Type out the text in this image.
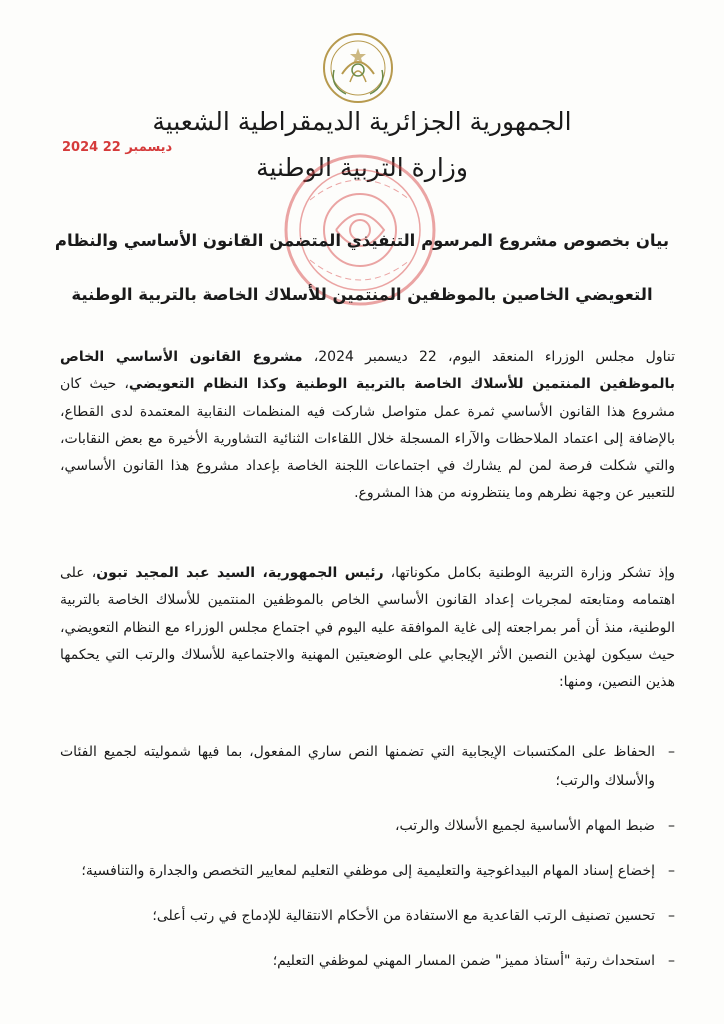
الجمهورية الجزائرية الديمقراطية الشعبية
وزارة التربية الوطنية
2024 ديسمبر 22
بيان بخصوص مشروع المرسوم التنفيذي المتضمن القانون الأساسي والنظام
التعويضي الخاصين بالموظفين المنتمين للأسلاك الخاصة بالتربية الوطنية
تناول مجلس الوزراء المنعقد اليوم، 22 ديسمبر 2024، مشروع القانون الأساسي الخاص بالموظفين المنتمين للأسلاك الخاصة بالتربية الوطنية وكذا النظام التعويضي، حيث كان مشروع هذا القانون الأساسي ثمرة عمل متواصل شاركت فيه المنظمات النقابية المعتمدة لدى القطاع، بالإضافة إلى اعتماد الملاحظات والآراء المسجلة خلال اللقاءات الثنائية التشاورية الأخيرة مع بعض النقابات، والتي شكلت فرصة لمن لم يشارك في اجتماعات اللجنة الخاصة بإعداد مشروع هذا القانون الأساسي، للتعبير عن وجهة نظرهم وما ينتظرونه من هذا المشروع.
وإذ تشكر وزارة التربية الوطنية بكامل مكوناتها، رئيس الجمهورية، السيد عبد المجيد تبون، على اهتمامه ومتابعته لمجريات إعداد القانون الأساسي الخاص بالموظفين المنتمين للأسلاك الخاصة بالتربية الوطنية، منذ أن أمر بمراجعته إلى غاية الموافقة عليه اليوم في اجتماع مجلس الوزراء مع النظام التعويضي، حيث سيكون لهذين النصين الأثر الإيجابي على الوضعيتين المهنية والاجتماعية للأسلاك والرتب التي يحكمها هذين النصين، ومنها:
– الحفاظ على المكتسبات الإيجابية التي تضمنها النص ساري المفعول، بما فيها شموليته لجميع الفئات والأسلاك والرتب؛
– ضبط المهام الأساسية لجميع الأسلاك والرتب،
– إخضاع إسناد المهام البيداغوجية والتعليمية إلى موظفي التعليم لمعايير التخصص والجدارة والتنافسية؛
– تحسين تصنيف الرتب القاعدية مع الاستفادة من الأحكام الانتقالية للإدماج في رتب أعلى؛
– استحداث رتبة "أستاذ مميز" ضمن المسار المهني لموظفي التعليم؛
